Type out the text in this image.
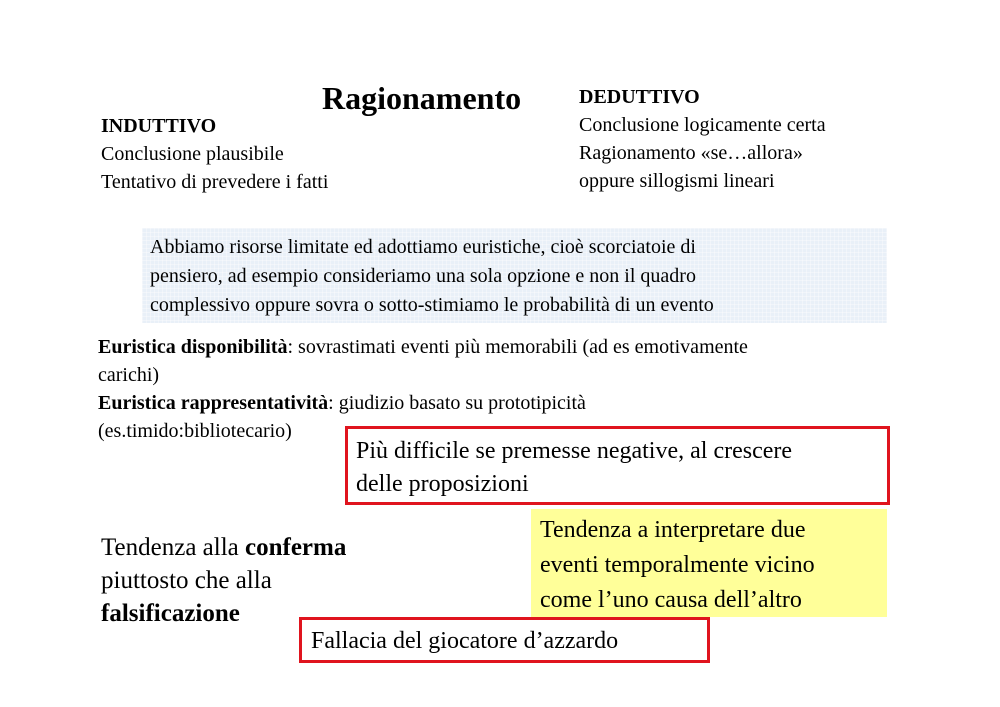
Ragionamento
INDUTTIVO
Conclusione plausibile
Tentativo di prevedere i fatti
DEDUTTIVO
Conclusione logicamente certa
Ragionamento «se…allora»
oppure sillogismi lineari
Abbiamo risorse limitate ed adottiamo euristiche, cioè scorciatoie di
pensiero, ad esempio consideriamo una sola opzione e non il quadro
complessivo oppure sovra o sotto-stimiamo le probabilità di un evento
Euristica disponibilità: sovrastimati eventi più memorabili (ad es emotivamente carichi)
Euristica rappresentatività: giudizio basato su prototipicità (es.timido:bibliotecario)
Più difficile se premesse negative, al crescere
delle proposizioni
Tendenza alla conferma
piuttosto che alla
falsificazione
Tendenza a interpretare due
eventi temporalmente vicino
come l’uno causa dell’altro
Fallacia del giocatore d’azzardo
